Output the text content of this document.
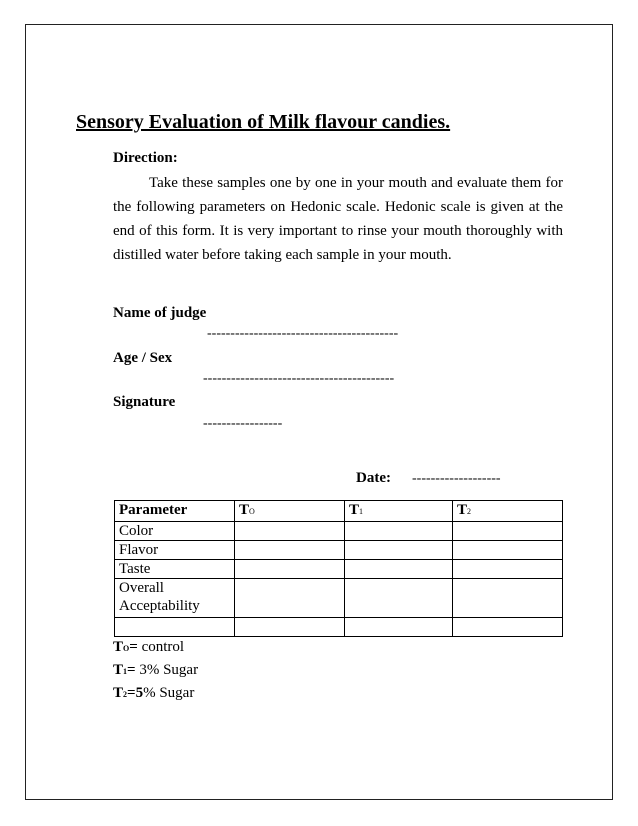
Sensory Evaluation of Milk flavour candies.
Direction:
Take these samples one by one in your mouth and evaluate them for the following parameters on Hedonic scale. Hedonic scale is given at the end of this form. It is very important to rinse your mouth thoroughly with distilled water before taking each sample in your mouth.
Name of judge
-----------------------------------------
Age / Sex
-----------------------------------------
Signature
-----------------
Date: -------------------
Parameter	TO	T1	T2
Color			
Flavor			
Taste			
Overall Acceptability			

TO= control
T1= 3% Sugar
T2=5% Sugar
